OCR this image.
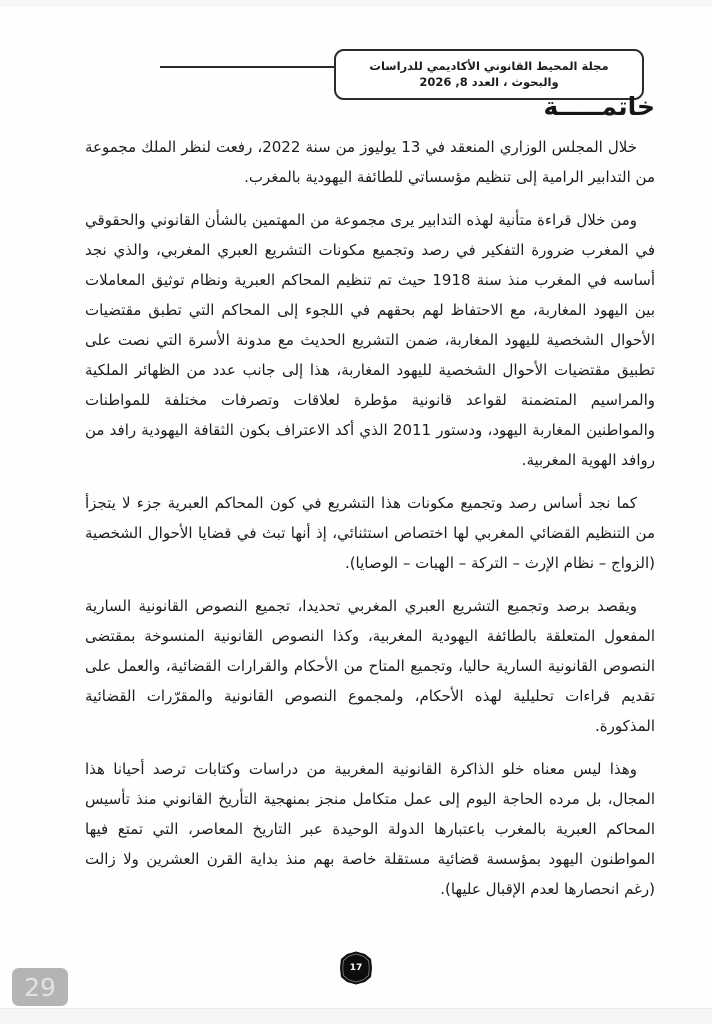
مجلة المحيط القانوني الأكاديمي للدراسات والبحوث ، العدد 8, 2026
خاتمـــــة

خلال المجلس الوزاري المنعقد في 13 يوليوز من سنة 2022، رفعت لنظر الملك مجموعة من التدابير الرامية إلى تنظيم مؤسساتي للطائفة اليهودية بالمغرب.

ومن خلال قراءة متأنية لهذه التدابير يرى مجموعة من المهتمين بالشأن القانوني والحقوقي في المغرب ضرورة التفكير في رصد وتجميع مكونات التشريع العبري المغربي، والذي نجد أساسه في المغرب منذ سنة 1918 حيث تم تنظيم المحاكم العبرية ونظام توثيق المعاملات بين اليهود المغاربة، مع الاحتفاظ لهم بحقهم في اللجوء إلى المحاكم التي تطبق مقتضيات الأحوال الشخصية لليهود المغاربة، ضمن التشريع الحديث مع مدونة الأسرة التي نصت على تطبيق مقتضيات الأحوال الشخصية لليهود المغاربة، هذا إلى جانب عدد من الظهائر الملكية والمراسيم المتضمنة لقواعد قانونية مؤطرة لعلاقات وتصرفات مختلفة للمواطنات والمواطنين المغاربة اليهود، ودستور 2011 الذي أكد الاعتراف بكون الثقافة اليهودية رافد من روافد الهوية المغربية.

كما نجد أساس رصد وتجميع مكونات هذا التشريع في كون المحاكم العبرية جزء لا يتجزأ من التنظيم القضائي المغربي لها اختصاص استثنائي، إذ أنها تبث في قضايا الأحوال الشخصية (الزواج – نظام الإرث – التركة – الهبات – الوصايا).

ويقصد برصد وتجميع التشريع العبري المغربي تحديدا، تجميع النصوص القانونية السارية المفعول المتعلقة بالطائفة اليهودية المغربية، وكذا النصوص القانونية المنسوخة بمقتضى النصوص القانونية السارية حاليا، وتجميع المتاح من الأحكام والقرارات القضائية، والعمل على تقديم قراءات تحليلية لهذه الأحكام، ولمجموع النصوص القانونية والمقرّرات القضائية المذكورة.

وهذا ليس معناه خلو الذاكرة القانونية المغربية من دراسات وكتابات ترصد أحيانا هذا المجال، بل مرده الحاجة اليوم إلى عمل متكامل منجز بمنهجية التأريخ القانوني منذ تأسيس المحاكم العبرية بالمغرب باعتبارها الدولة الوحيدة عبر التاريخ المعاصر، التي تمتع فيها المواطنون اليهود بمؤسسة قضائية مستقلة خاصة بهم منذ بداية القرن العشرين ولا زالت (رغم انحصارها لعدم الإقبال عليها).

17
29
